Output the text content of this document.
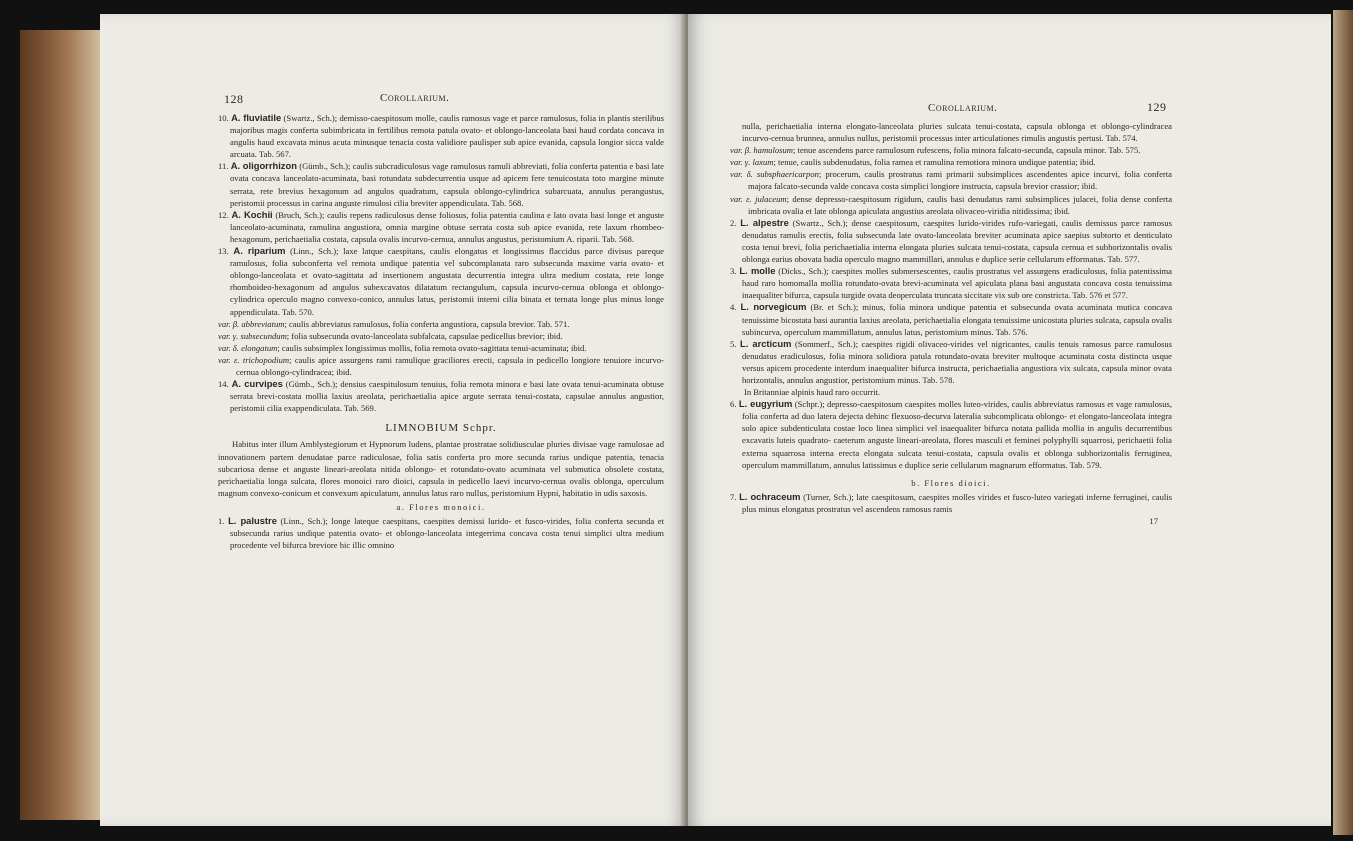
128	Corollarium.

10. A. fluviatile (Swartz., Sch.); demisso-caespitosum molle, caulis ramosus vage et parce ramulosus, folia in plantis sterilibus majoribus magis conferta subimbricata in fertilibus remota patula ovato- et oblongo-lanceolata basi haud cordata concava in angulis haud excavata minus acuta minusque tenacia costa validiore paulisper sub apice evanida, capsula longior sicca valde arcuata. Tab. 567.

11. A. oligorrhizon (Gümb., Sch.); caulis subcradiculosus vage ramulosus ramuli abbreviati, folia conferta patentia e basi late ovata concava lanceolato-acuminata, basi rotundata subdecurrentia usque ad apicem fere tenuicostata toto margine minute serrata, rete brevius hexagonum ad angulos quadratum, capsula oblongo-cylindrica subarcuata, annulus perangustus, peristomii processus in carina anguste rimulosi cilia breviter appendiculata. Tab. 568.

12. A. Kochii (Bruch, Sch.); caulis repens radiculosus dense foliosus, folia patentia caulina e lato ovata basi longe et anguste lanceolato-acuminata, ramulina angustiora, omnia margine obtuse serrata costa sub apice evanida, rete laxum rhombeo-hexagonum, perichaetialia costata, capsula ovalis incurvo-cernua, annulus angustus, peristomium A. riparii. Tab. 568.

13. A. riparium (Linn., Sch.); laxe latque caespitans, caulis elongatus et longissimus flaccidus parce divisus pareque ramulosus, folia subconferta vel remota undique patentia vel subcomplanata raro subsecunda maxime varia ovato- et oblongo-lanceolata et ovato-sagittata ad insertionem angustata decurrentia integra ultra medium costata, rete longe rhomboideo-hexagonum ad angulos subexcavatos dilatatum rectangulum, capsula incurvo-cernua oblonga et oblongo-cylindrica operculo magno convexo-conico, annulus latus, peristomii interni cilia binata et ternata longe plus minus longe appendiculata. Tab. 570.

var. β. abbreviatum; caulis abbreviatus ramulosus, folia conferta angustiora, capsula brevior. Tab. 571.

var. γ. subsecundum; folia subsecunda ovato-lanceolata subfalcata, capsulae pedicellus brevior; ibid.

var. δ. elongatum; caulis subsimplex longissimus mollis, folia remota ovato-sagittata tenui-acuminata; ibid.

var. ε. trichopodium; caulis apice assurgens rami ramulique graciliores erecti, capsula in pedicello longiore tenuiore incurvo-cernua oblongo-cylindracea; ibid.

14. A. curvipes (Gümb., Sch.); densius caespitulosum tenuius, folia remota minora e basi late ovata tenui-acuminata obtuse serrata brevi-costata mollia laxius areolata, perichaetialia apice argute serrata tenui-costata, capsulae annulus angustior, peristomii cilia exappendiculata. Tab. 569.

LIMNOBIUM Schpr.

Habitus inter illum Amblystegiorum et Hypnorum ludens, plantae prostratae solidiusculae pluries divisae vage ramulosae ad innovationem partem denudatae parce radiculosae, folia satis conferta pro more secunda rarius undique patentia, tenacia subcariosa dense et anguste lineari-areolata nitida oblongo- et rotundato-ovato acuminata vel submutica obsolete costata, perichaetialia longa sulcata, flores monoici raro dioici, capsula in pedicello laevi incurvo-cernua ovalis oblonga, operculum magnum convexo-conicum et convexum apiculatum, annulus latus raro nullus, peristomium Hypni, habitatio in udis saxosis.

a. Flores monoici.

1. L. palustre (Linn., Sch.); longe lateque caespitans, caespites demissi lurido- et fusco-virides, folia conferta secunda et subsecunda rarius undique patentia ovato- et oblongo-lanceolata integerrima concava costa tenui simplici ultra medium procedente vel bifurca breviore hic illic omnino

Corollarium.	129

nulla, perichaetialia interna elongato-lanceolata pluries sulcata tenui-costata, capsula oblonga et oblongo-cylindracea incurvo-cernua brunnea, annulus nullus, peristomii processus inter articulationes rimulis angustis pertusi. Tab. 574.

var. β. hamulosum; tenue ascendens parce ramulosum rufescens, folia minora falcato-secunda, capsula minor. Tab. 575.

var. γ. laxum; tenue, caulis subdenudatus, folia ramea et ramulina remotiora minora undique patentia; ibid.

var. δ. subsphaericarpon; procerum, caulis prostratus rami primarii subsimplices ascendentes apice incurvi, folia conferta majora falcato-secunda valde concava costa simplici longiore instructa, capsula brevior crassior; ibid.

var. ε. julaceum; dense depresso-caespitosum rigidum, caulis basi denudatus rami subsimplices julacei, folia dense conferta imbricata ovalia et late oblonga apiculata angustius areolata olivaceo-viridia nitidissima; ibid.

2. L. alpestre (Swartz., Sch.); dense caespitosum, caespites lurido-virides rufo-variegati, caulis demissus parce ramosus denudatus ramulis erectis, folia subsecunda late ovato-lanceolata breviter acuminata apice saepius subtorto et denticulato costa tenui brevi, folia perichaetialia interna elongata pluries sulcata tenui-costata, capsula cernua et subhorizontalis ovalis oblonga earius obovata badia operculo magno mammillari, annulus e duplice serie cellularum efformatus. Tab. 577.

3. L. molle (Dicks., Sch.); caespites molles submersescentes, caulis prostratus vel assurgens eradiculosus, folia patentissima haud raro homomalla mollia rotundato-ovata brevi-acuminata vel apiculata plana basi angustata concava costa tenuissima inaequaliter bifurca, capsula turgide ovata deoperculata truncata siccitate vix sub ore constricta. Tab. 576 et 577.

4. L. norvegicum (Br. et Sch.); minus, folia minora undique patentia et subsecunda ovata acuminata mutica concava tenuissime bicostata basi aurantia laxius areolata, perichaetialia elongata tenuissime unicostata pluries sulcata, capsula ovalis subincurva, operculum mammillatum, annulus latus, peristomium minus. Tab. 576.

5. L. arcticum (Sommerf., Sch.); caespites rigidi olivaceo-virides vel nigricantes, caulis tenuis ramosus parce ramulosus denudatus eradiculosus, folia minora solidiora patula rotundato-ovata breviter multoque acuminata costa distincta usque versus apicem procedente interdum inaequaliter bifurca instructa, perichaetialia angustiora vix sulcata, capsula minor ovata horizontalis, annulus angustior, peristomium minus. Tab. 578.

In Britanniae alpinis haud raro occurrit.

6. L. eugyrium (Schpr.); depresso-caespitosum caespites molles luteo-virides, caulis abbreviatus ramosus et vage ramulosus, folia conferta ad duo latera dejecta dehinc flexuoso-decurva lateralia subcomplicata oblongo- et elongato-lanceolata integra solo apice subdenticulata costae loco linea simplici vel inaequaliter bifurca notata pallida mollia in angulis decurrentibus excavatis luteis quadrato- caeterum anguste lineari-areolata, flores masculi et feminei polyphylli squarrosi, perichaetii folia externa squarrosa interna erecta elongata sulcata tenui-costata, capsula ovalis et oblonga subhorizontalis ferruginea, operculum mammillatum, annulus latissimus e duplice serie cellularum magnarum efformatus. Tab. 579.

b. Flores dioici.

7. L. ochraceum (Turner, Sch.); late caespitosum, caespites molles virides et fusco-luteo variegati inferne ferruginei, caulis plus minus elongatus prostratus vel ascendens ramosus ramis

17
